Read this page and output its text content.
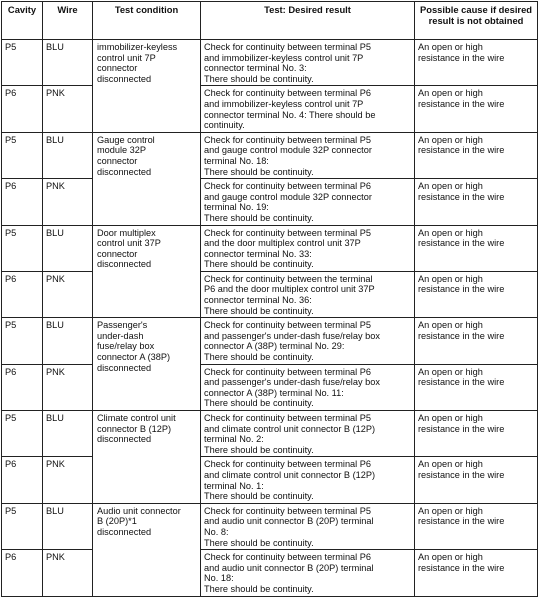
Cavity	Wire	Test condition	Test: Desired result	Possible cause if desired result is not obtained
P5	BLU	immobilizer-keyless
control unit 7P
connector
disconnected	Check for continuity between terminal P5
and immobilizer-keyless control unit 7P
connector terminal No. 3:
There should be continuity.	An open or high
resistance in the wire
P6	PNK		Check for continuity between terminal P6
and immobilizer-keyless control unit 7P
connector terminal No. 4: There should be
continuity.	An open or high
resistance in the wire
P5	BLU	Gauge control
module 32P
connector
disconnected	Check for continuity between terminal P5
and gauge control module 32P connector
terminal No. 18:
There should be continuity.	An open or high
resistance in the wire
P6	PNK		Check for continuity between terminal P6
and gauge control module 32P connector
terminal No. 19:
There should be continuity.	An open or high
resistance in the wire
P5	BLU	Door multiplex
control unit 37P
connector
disconnected	Check for continuity between terminal P5
and the door multiplex control unit 37P
connector terminal No. 33:
There should be continuity.	An open or high
resistance in the wire
P6	PNK		Check for continuity between the terminal
P6 and the door multiplex control unit 37P
connector terminal No. 36:
There should be continuity.	An open or high
resistance in the wire
P5	BLU	Passenger's
under-dash
fuse/relay box
connector A (38P)
disconnected	Check for continuity between terminal P5
and passenger's under-dash fuse/relay box
connector A (38P) terminal No. 29:
There should be continuity.	An open or high
resistance in the wire
P6	PNK		Check for continuity between terminal P6
and passenger's under-dash fuse/relay box
connector A (38P) terminal No. 11:
There should be continuity.	An open or high
resistance in the wire
P5	BLU	Climate control unit
connector B (12P)
disconnected	Check for continuity between terminal P5
and climate control unit connector B (12P)
terminal No. 2:
There should be continuity.	An open or high
resistance in the wire
P6	PNK		Check for continuity between terminal P6
and climate control unit connector B (12P)
terminal No. 1:
There should be continuity.	An open or high
resistance in the wire
P5	BLU	Audio unit connector
B (20P)*1
disconnected	Check for continuity between terminal P5
and audio unit connector B (20P) terminal
No. 8:
There should be continuity.	An open or high
resistance in the wire
P6	PNK		Check for continuity between terminal P6
and audio unit connector B (20P) terminal
No. 18:
There should be continuity.	An open or high
resistance in the wire
